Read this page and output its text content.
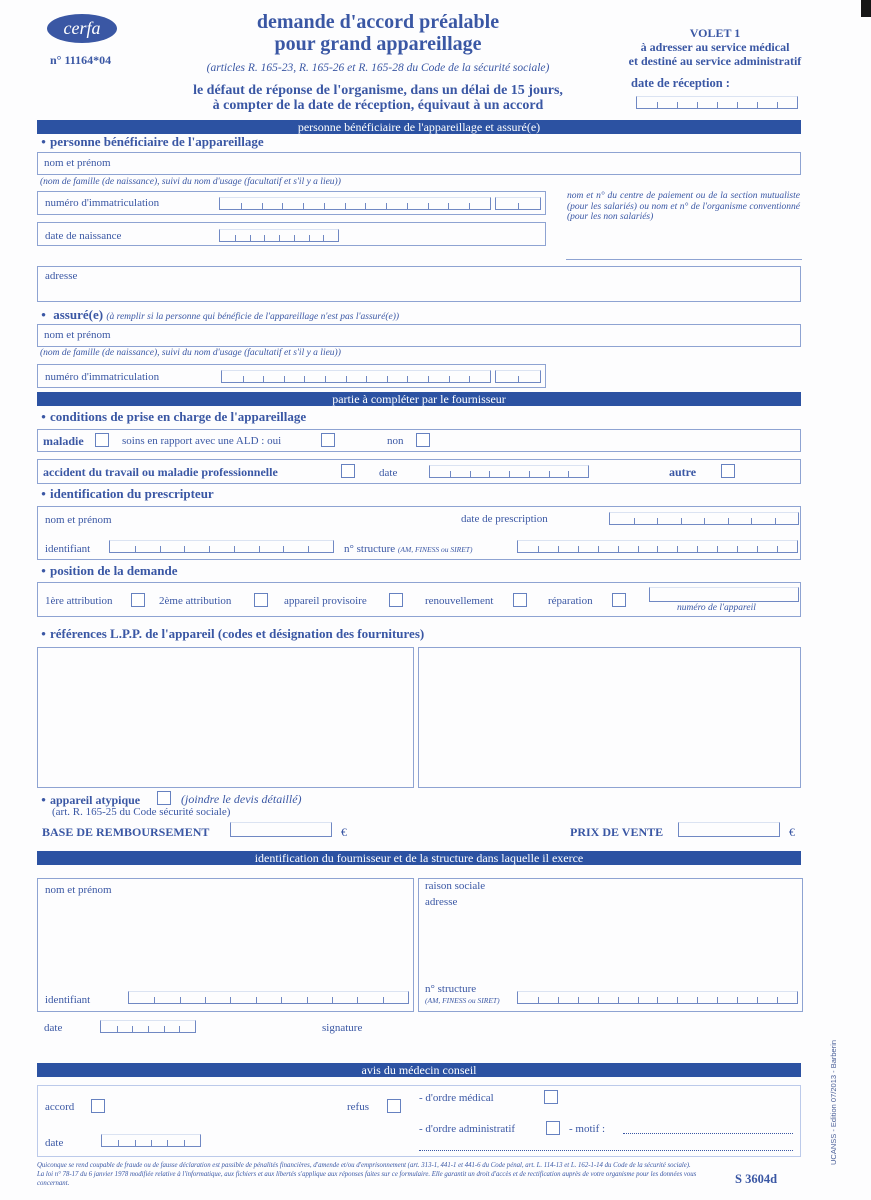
cerfa
n° 11164*04
demande d'accord préalable
pour grand appareillage
(articles R. 165-23, R. 165-26 et R. 165-28 du Code de la sécurité sociale)
le défaut de réponse de l'organisme, dans un délai de 15 jours,
à compter de la date de réception, équivaut à un accord
VOLET 1
à adresser au service médical
et destiné au service administratif
date de réception :
personne bénéficiaire de l'appareillage et assuré(e)
• personne bénéficiaire de l'appareillage
nom et prénom
(nom de famille (de naissance), suivi du nom d'usage (facultatif et s'il y a lieu))
numéro d'immatriculation
nom et n° du centre de paiement ou de la section mutualiste (pour les salariés) ou nom et n° de l'organisme conventionné (pour les non salariés)
date de naissance
adresse
• assuré(e) (à remplir si la personne qui bénéficie de l'appareillage n'est pas l'assuré(e))
nom et prénom
(nom de famille (de naissance), suivi du nom d'usage (facultatif et s'il y a lieu))
numéro d'immatriculation
partie à compléter par le fournisseur
• conditions de prise en charge de l'appareillage
maladie	soins en rapport avec une ALD : oui	non
accident du travail ou maladie professionnelle	date	autre
• identification du prescripteur
nom et prénom	date de prescription
identifiant	n° structure (AM, FINESS ou SIRET)
• position de la demande
1ère attribution	2ème attribution	appareil provisoire	renouvellement	réparation
numéro de l'appareil
• références L.P.P. de l'appareil (codes et désignation des fournitures)
• appareil atypique	(joindre le devis détaillé)
(art. R. 165-25 du Code sécurité sociale)
BASE DE REMBOURSEMENT	€	PRIX DE VENTE	€
identification du fournisseur et de la structure dans laquelle il exerce
nom et prénom
identifiant
raison sociale
adresse
n° structure
(AM, FINESS ou SIRET)
date	signature
avis du médecin conseil
accord	refus
- d'ordre médical
- d'ordre administratif	- motif :
date
Quiconque se rend coupable de fraude ou de fausse déclaration est passible de pénalités financières, d'amende et/ou d'emprisonnement (art. 313-1, 441-1 et 441-6 du Code pénal, art. L. 114-13 et L. 162-1-14 du Code de la sécurité sociale).
La loi n° 78-17 du 6 janvier 1978 modifiée relative à l'informatique, aux fichiers et aux libertés s'applique aux réponses faites sur ce formulaire. Elle garantit un droit d'accès et de rectification auprès de votre organisme pour les données vous concernant.	S 3604d
UCANSS - Edition 07/2013 - Barberin
